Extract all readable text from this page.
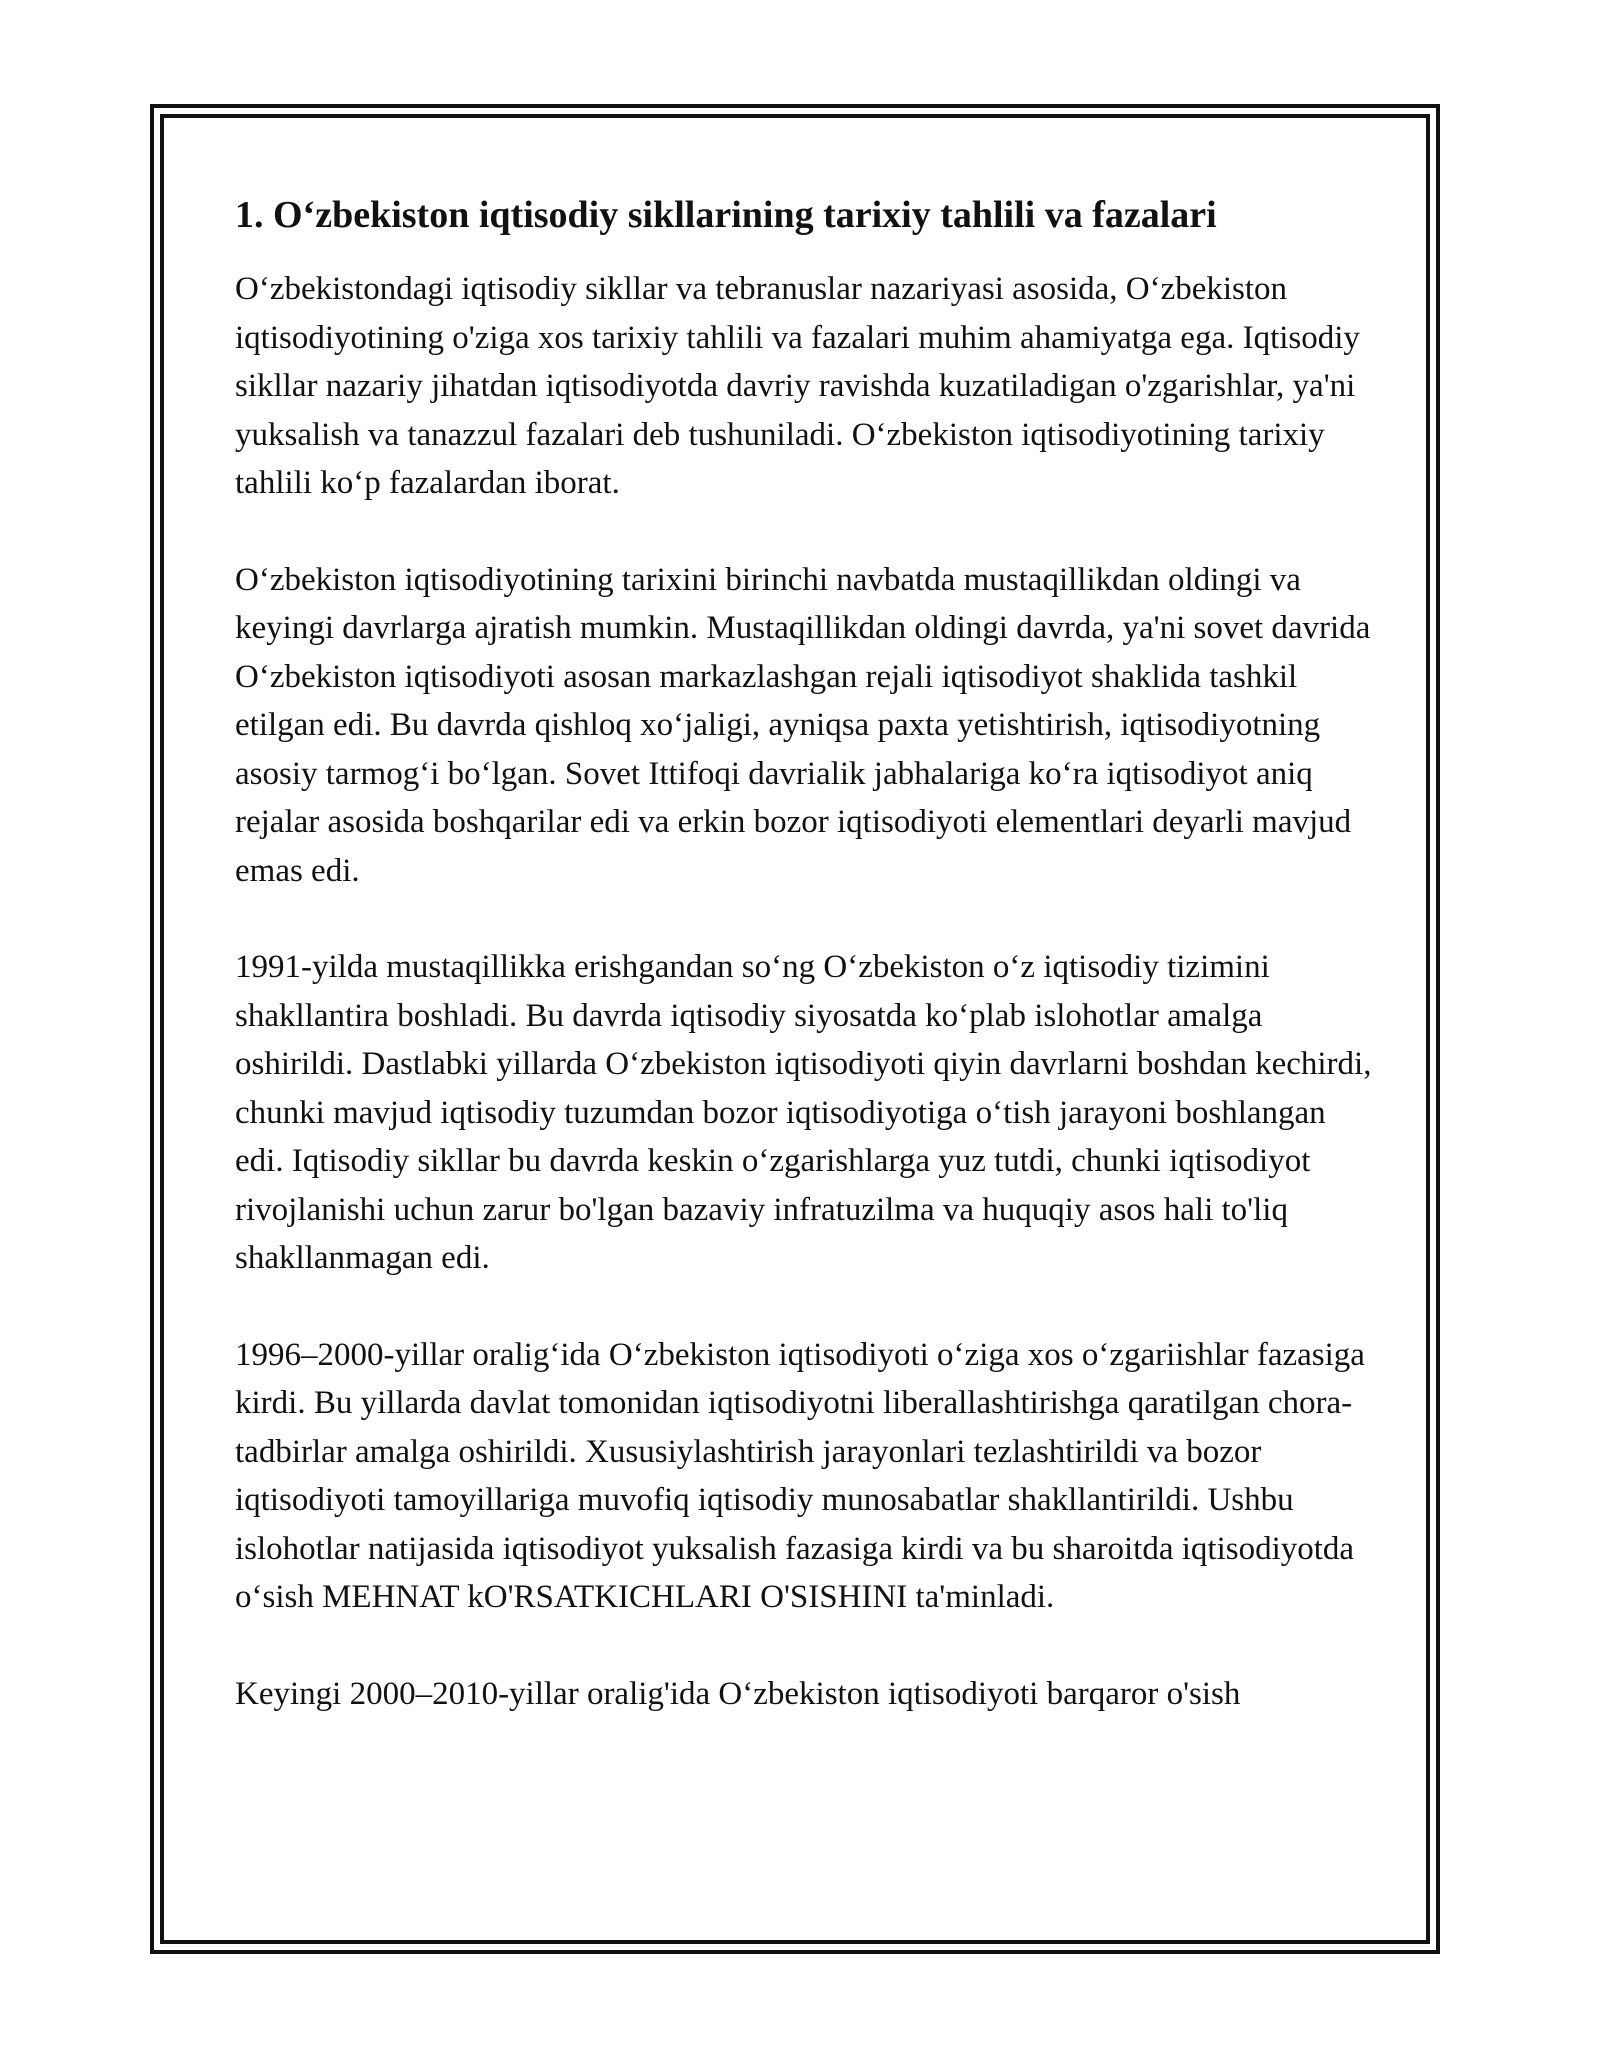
1. O‘zbekiston iqtisodiy sikllarining tarixiy tahlili va fazalari

O‘zbekistondagi iqtisodiy sikllar va tebranuslar nazariyasi asosida, O‘zbekiston iqtisodiyotining o'ziga xos tarixiy tahlili va fazalari muhim ahamiyatga ega. Iqtisodiy sikllar nazariy jihatdan iqtisodiyotda davriy ravishda kuzatiladigan o'zgarishlar, ya'ni yuksalish va tanazzul fazalari deb tushuniladi. O‘zbekiston iqtisodiyotining tarixiy tahlili ko‘p fazalardan iborat.

O‘zbekiston iqtisodiyotining tarixini birinchi navbatda mustaqillikdan oldingi va keyingi davrlarga ajratish mumkin. Mustaqillikdan oldingi davrda, ya'ni sovet davrida O‘zbekiston iqtisodiyoti asosan markazlashgan rejali iqtisodiyot shaklida tashkil etilgan edi. Bu davrda qishloq xo‘jaligi, ayniqsa paxta yetishtirish, iqtisodiyotning asosiy tarmog‘i bo‘lgan. Sovet Ittifoqi davrialik jabhalariga ko‘ra iqtisodiyot aniq rejalar asosida boshqarilar edi va erkin bozor iqtisodiyoti elementlari deyarli mavjud emas edi.

1991-yilda mustaqillikka erishgandan so‘ng O‘zbekiston o‘z iqtisodiy tizimini shakllantira boshladi. Bu davrda iqtisodiy siyosatda ko‘plab islohotlar amalga oshirildi. Dastlabki yillarda O‘zbekiston iqtisodiyoti qiyin davrlarni boshdan kechirdi, chunki mavjud iqtisodiy tuzumdan bozor iqtisodiyotiga o‘tish jarayoni boshlangan edi. Iqtisodiy sikllar bu davrda keskin o‘zgarishlarga yuz tutdi, chunki iqtisodiyot rivojlanishi uchun zarur bo'lgan bazaviy infratuzilma va huquqiy asos hali to'liq shakllanmagan edi.

1996–2000-yillar oralig‘ida O‘zbekiston iqtisodiyoti o‘ziga xos o‘zgariishlar fazasiga kirdi. Bu yillarda davlat tomonidan iqtisodiyotni liberallashtirishga qaratilgan chora-tadbirlar amalga oshirildi. Xususiylashtirish jarayonlari tezlashtirildi va bozor iqtisodiyoti tamoyillariga muvofiq iqtisodiy munosabatlar shakllantirildi. Ushbu islohotlar natijasida iqtisodiyot yuksalish fazasiga kirdi va bu sharoitda iqtisodiyotda o‘sish MEHNAT kO'RSATKICHLARI O'SISHINI ta'minladi.

Keyingi 2000–2010-yillar oralig'ida O‘zbekiston iqtisodiyoti barqaror o'sish
